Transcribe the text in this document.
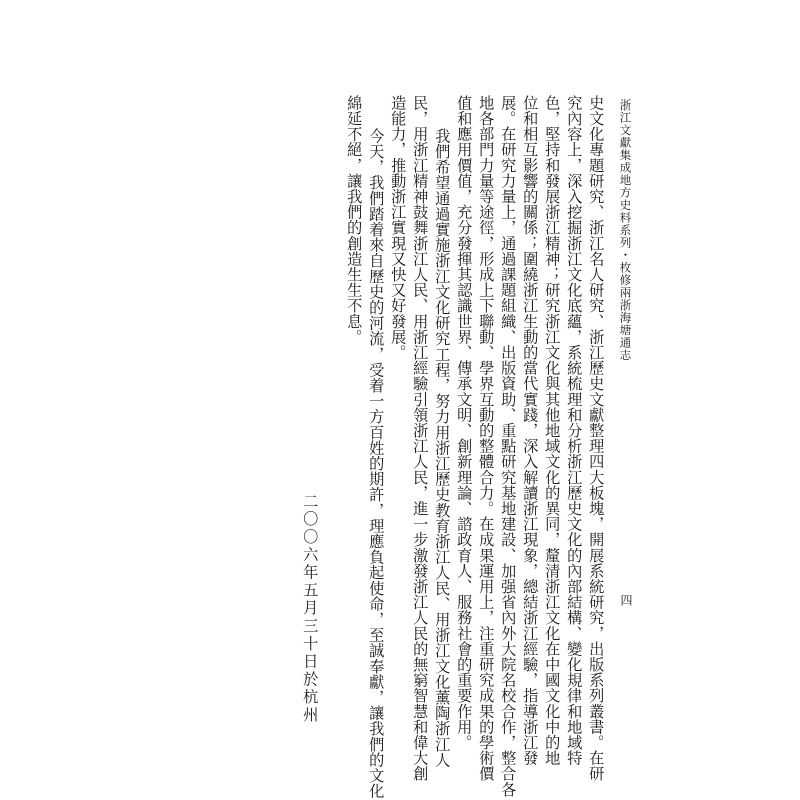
浙江文獻集成地方史料系列・枚修兩浙海塘通志
四
史文化專題研究、浙江名人研究、浙江歷史文獻整理四大板塊，開展系統研究，出版系列叢書。在研
究內容上，深入挖掘浙江文化底蘊，系統梳理和分析浙江歷史文化的內部結構、變化規律和地域特
色，堅持和發展浙江精神；研究浙江文化與其他地域文化的異同，釐清浙江文化在中國文化中的地
位和相互影響的關係；圍繞浙江生動的當代實踐，深入解讀浙江現象，總結浙江經驗，指導浙江發
展。在研究力量上，通過課題組織、出版資助、重點研究基地建設、加强省內外大院名校合作，整合各
地各部門力量等途徑，形成上下聯動、學界互動的整體合力。在成果運用上，注重研究成果的學術價
值和應用價值，充分發揮其認識世界、傳承文明、創新理論、諮政育人、服務社會的重要作用。
我們希望通過實施浙江文化研究工程，努力用浙江歷史教育浙江人民、用浙江文化薰陶浙江人
民，用浙江精神鼓舞浙江人民、用浙江經驗引領浙江人民，進一步激發浙江人民的無窮智慧和偉大創
造能力，推動浙江實現又快又好發展。
今天，我們踏着來自歷史的河流，受着一方百姓的期許，理應負起使命，至誠奉獻，讓我們的文化
綿延不絕，讓我們的創造生生不息。
二〇〇六年五月三十日於杭州
